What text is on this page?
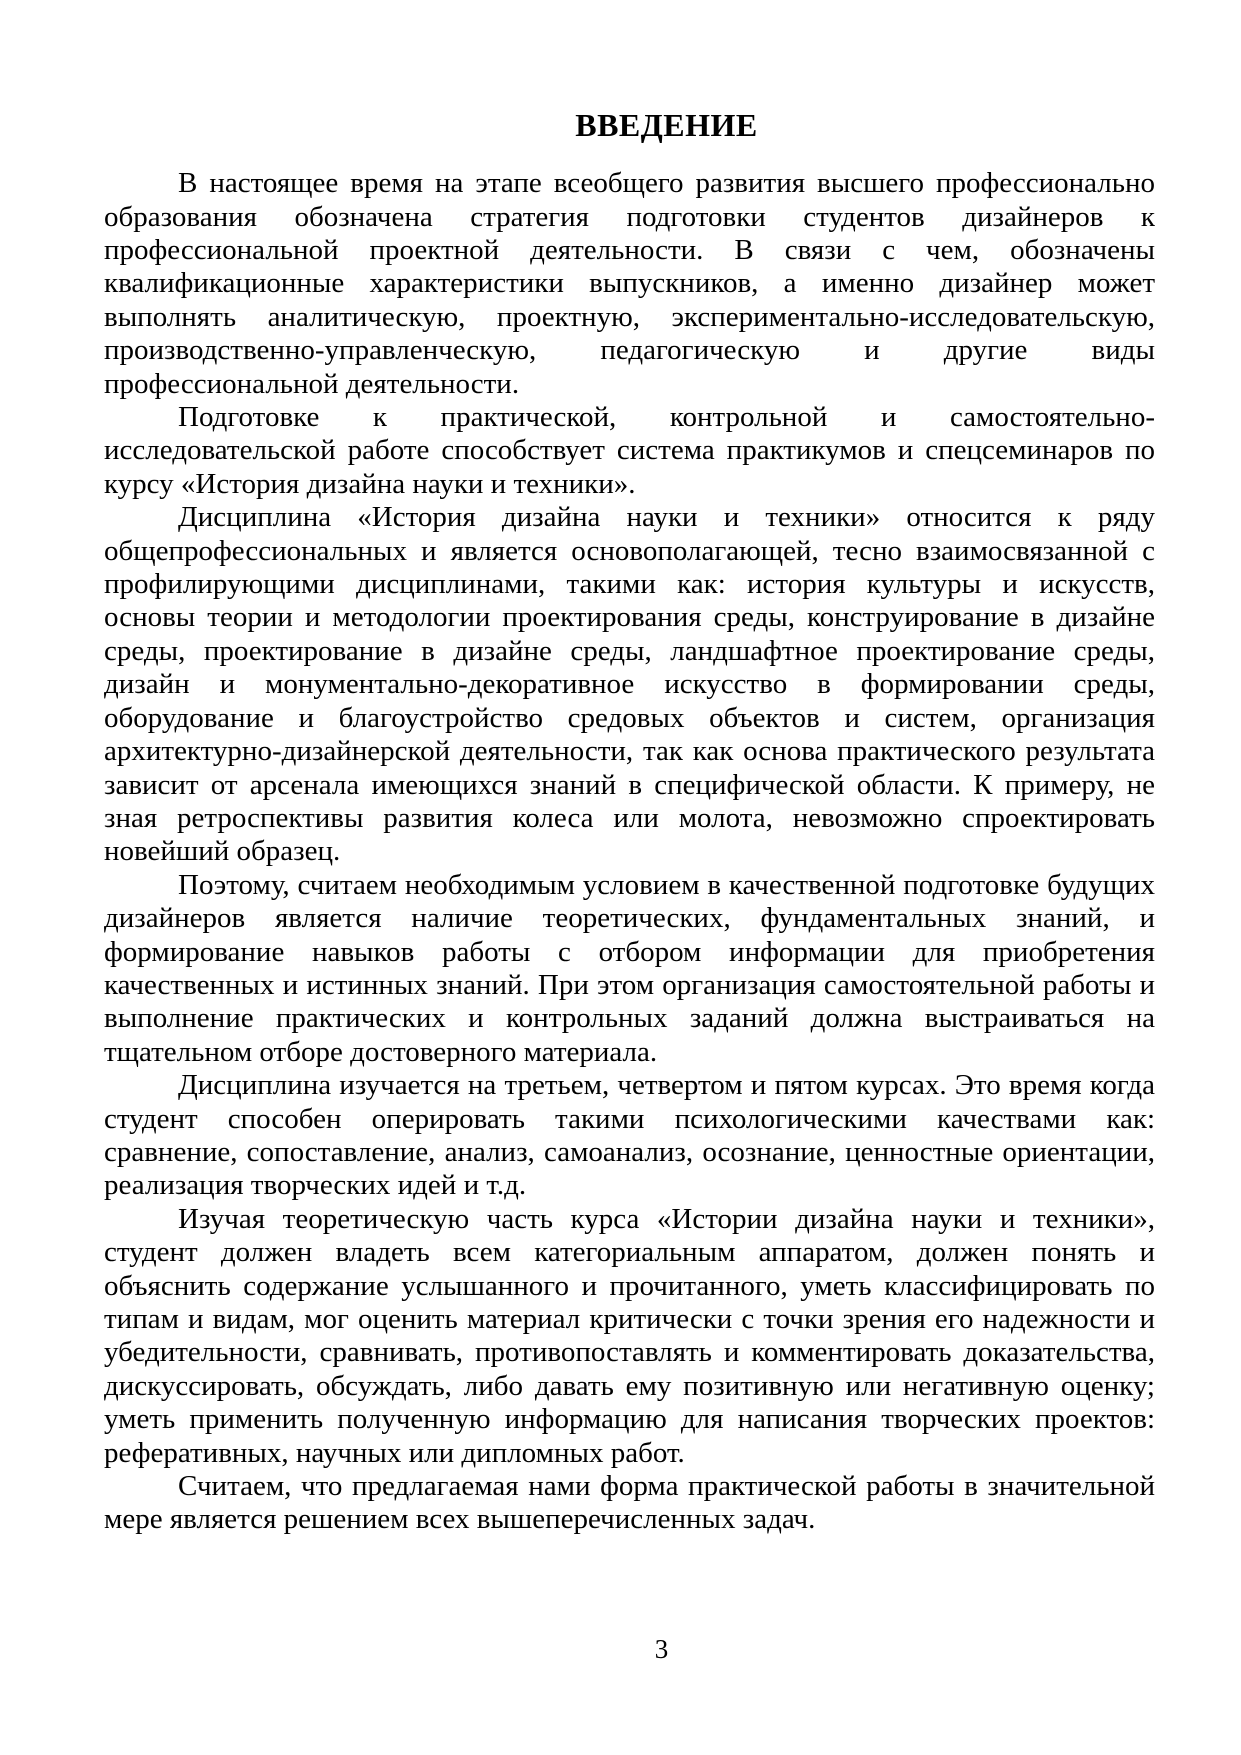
ВВЕДЕНИЕ

В настоящее время на этапе всеобщего развития высшего профессионально образования обозначена стратегия подготовки студентов дизайнеров к профессиональной проектной деятельности. В связи с чем, обозначены квалификационные характеристики выпускников, а именно дизайнер может выполнять аналитическую, проектную, экспериментально-исследовательскую, производственно-управленческую, педагогическую и другие виды профессиональной деятельности.

Подготовке к практической, контрольной и самостоятельно-исследовательской работе способствует система практикумов и спецсеминаров по курсу «История дизайна науки и техники».

Дисциплина «История дизайна науки и техники» относится к ряду общепрофессиональных и является основополагающей, тесно взаимосвязанной с профилирующими дисциплинами, такими как: история культуры и искусств, основы теории и методологии проектирования среды, конструирование в дизайне среды, проектирование в дизайне среды, ландшафтное проектирование среды, дизайн и монументально-декоративное искусство в формировании среды, оборудование и благоустройство средовых объектов и систем, организация архитектурно-дизайнерской деятельности, так как основа практического результата зависит от арсенала имеющихся знаний в специфической области. К примеру, не зная ретроспективы развития колеса или молота, невозможно спроектировать новейший образец.

Поэтому, считаем необходимым условием в качественной подготовке будущих дизайнеров является наличие теоретических, фундаментальных знаний, и формирование навыков работы с отбором информации для приобретения качественных и истинных знаний. При этом организация самостоятельной работы и выполнение практических и контрольных заданий должна выстраиваться на тщательном отборе достоверного материала.

Дисциплина изучается на третьем, четвертом и пятом курсах. Это время когда студент способен оперировать такими психологическими качествами как: сравнение, сопоставление, анализ, самоанализ, осознание, ценностные ориентации, реализация творческих идей и т.д.

Изучая теоретическую часть курса «Истории дизайна науки и техники», студент должен владеть всем категориальным аппаратом, должен понять и объяснить содержание услышанного и прочитанного, уметь классифицировать по типам и видам, мог оценить материал критически с точки зрения его надежности и убедительности, сравнивать, противопоставлять и комментировать доказательства, дискуссировать, обсуждать, либо давать ему позитивную или негативную оценку; уметь применить полученную информацию для написания творческих проектов: реферативных, научных или дипломных работ.

Считаем, что предлагаемая нами форма практической работы в значительной мере является решением всех вышеперечисленных задач.

3
